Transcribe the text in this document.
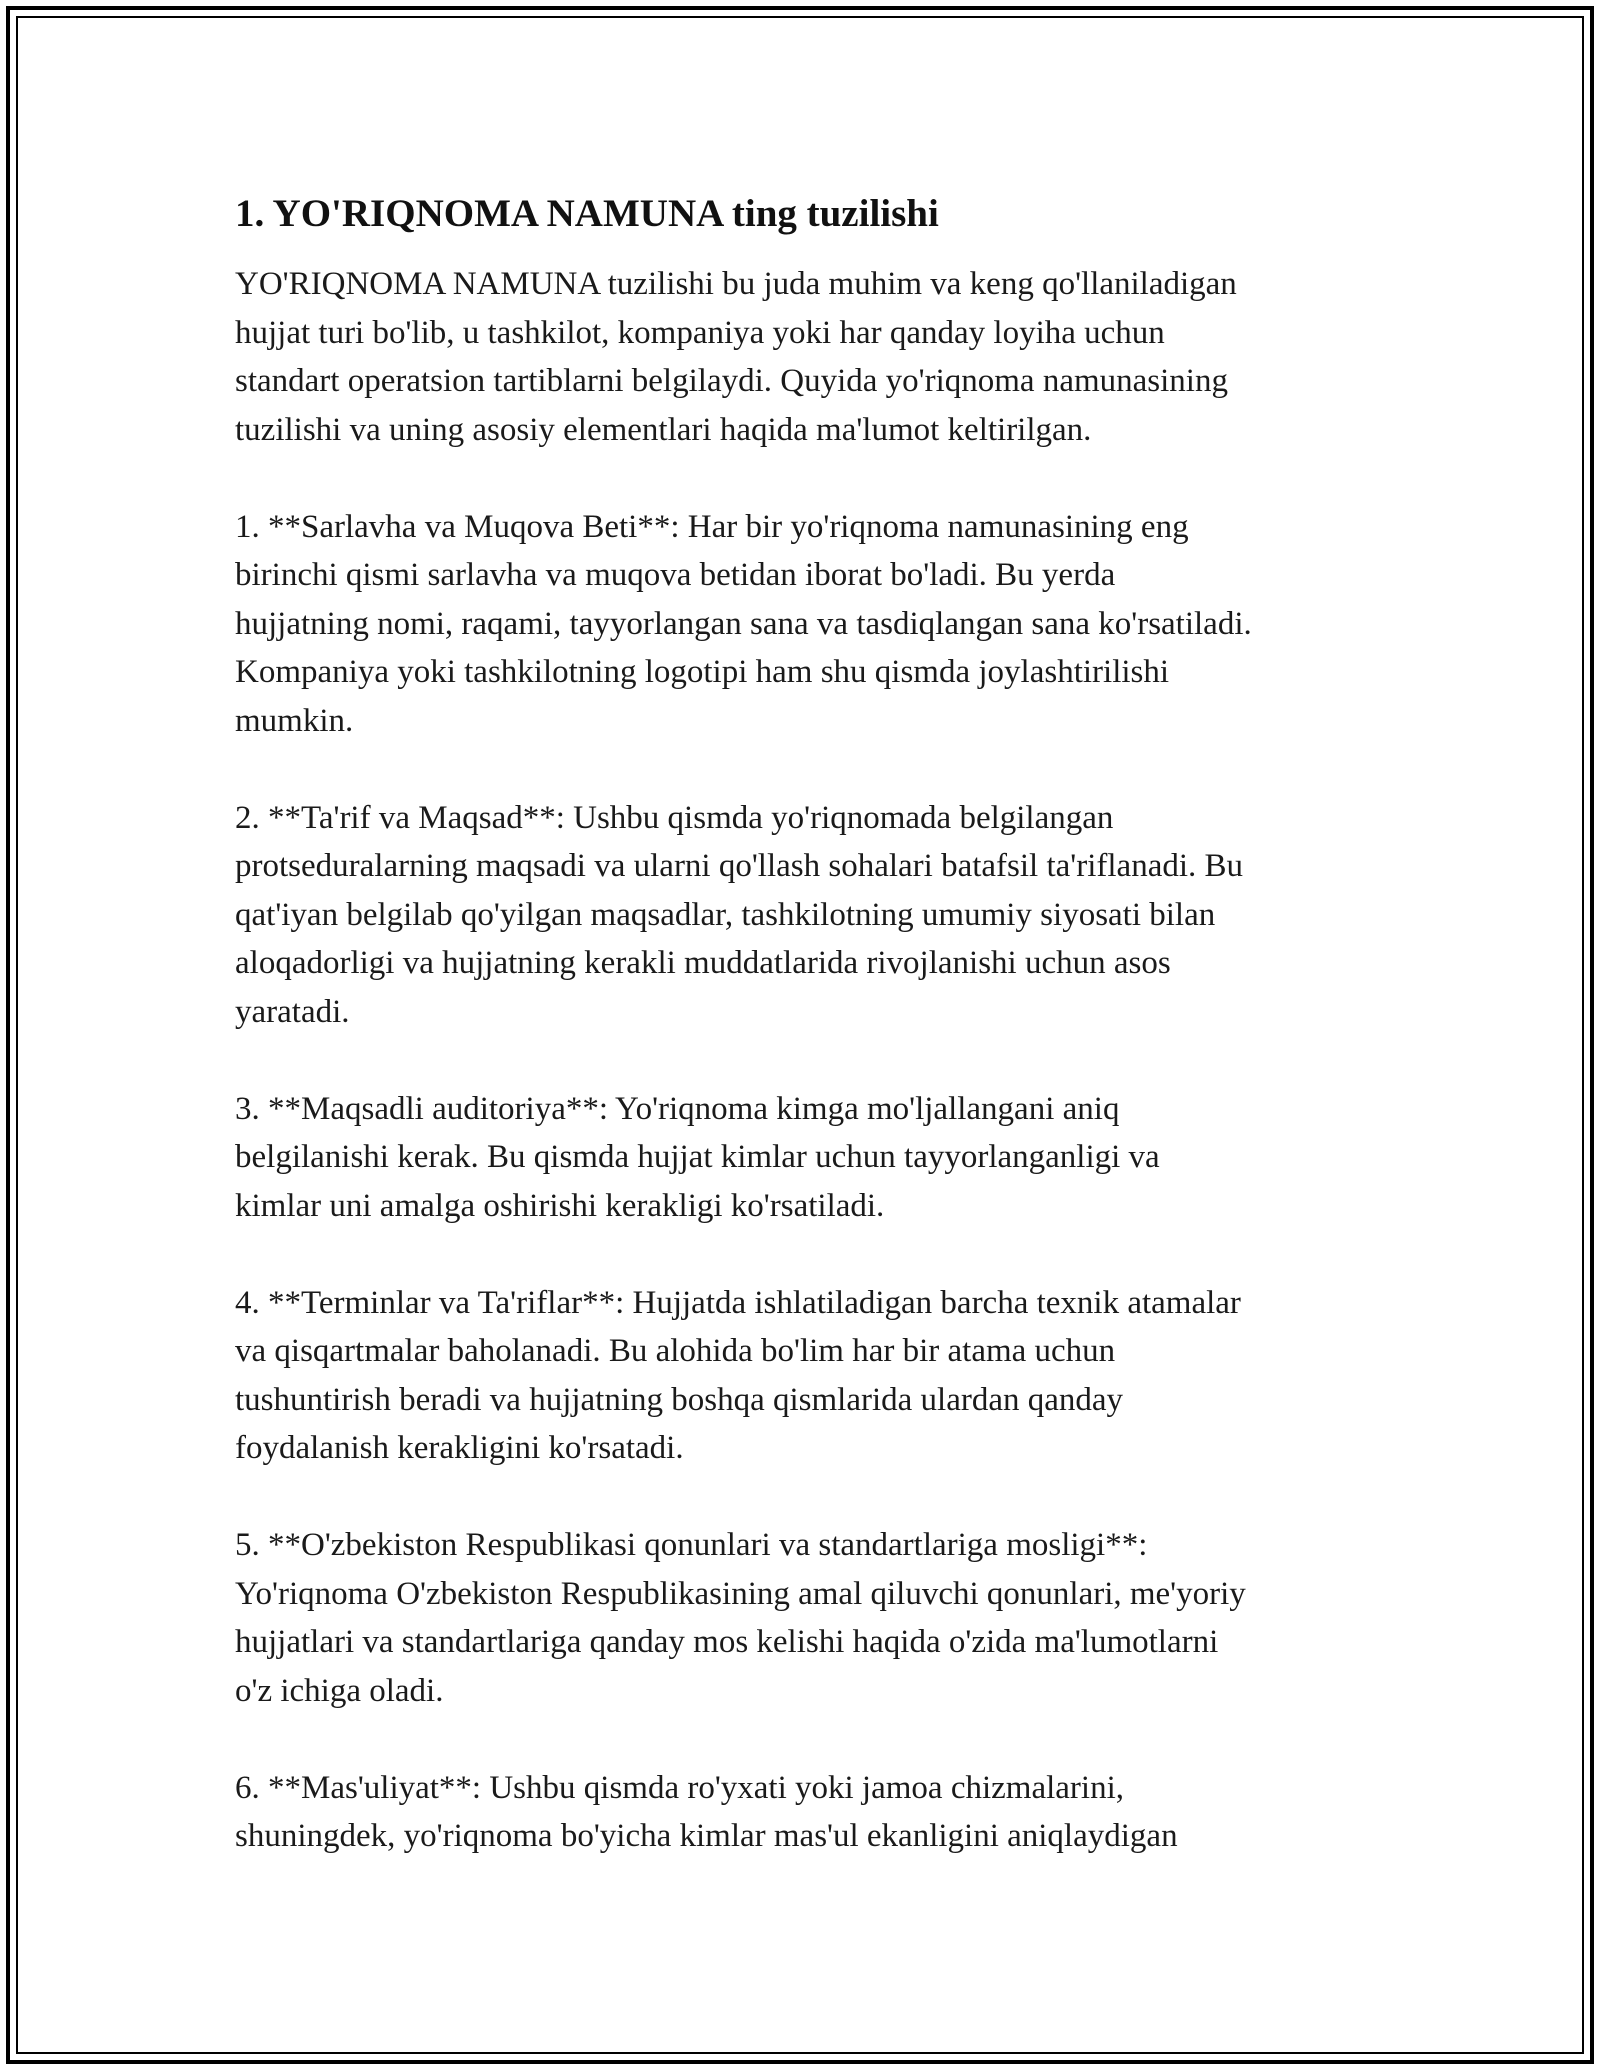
1. YO'RIQNOMA NAMUNA ting tuzilishi

YO'RIQNOMA NAMUNA tuzilishi bu juda muhim va keng qo'llaniladigan
hujjat turi bo'lib, u tashkilot, kompaniya yoki har qanday loyiha uchun
standart operatsion tartiblarni belgilaydi. Quyida yo'riqnoma namunasining
tuzilishi va uning asosiy elementlari haqida ma'lumot keltirilgan.

1. **Sarlavha va Muqova Beti**: Har bir yo'riqnoma namunasining eng
birinchi qismi sarlavha va muqova betidan iborat bo'ladi. Bu yerda
hujjatning nomi, raqami, tayyorlangan sana va tasdiqlangan sana ko'rsatiladi.
Kompaniya yoki tashkilotning logotipi ham shu qismda joylashtirilishi
mumkin.

2. **Ta'rif va Maqsad**: Ushbu qismda yo'riqnomada belgilangan
protseduralarning maqsadi va ularni qo'llash sohalari batafsil ta'riflanadi. Bu
qat'iyan belgilab qo'yilgan maqsadlar, tashkilotning umumiy siyosati bilan
aloqadorligi va hujjatning kerakli muddatlarida rivojlanishi uchun asos
yaratadi.

3. **Maqsadli auditoriya**: Yo'riqnoma kimga mo'ljallangani aniq
belgilanishi kerak. Bu qismda hujjat kimlar uchun tayyorlanganligi va
kimlar uni amalga oshirishi kerakligi ko'rsatiladi.

4. **Terminlar va Ta'riflar**: Hujjatda ishlatiladigan barcha texnik atamalar
va qisqartmalar baholanadi. Bu alohida bo'lim har bir atama uchun
tushuntirish beradi va hujjatning boshqa qismlarida ulardan qanday
foydalanish kerakligini ko'rsatadi.

5. **O'zbekiston Respublikasi qonunlari va standartlariga mosligi**:
Yo'riqnoma O'zbekiston Respublikasining amal qiluvchi qonunlari, me'yoriy
hujjatlari va standartlariga qanday mos kelishi haqida o'zida ma'lumotlarni
o'z ichiga oladi.

6. **Mas'uliyat**: Ushbu qismda ro'yxati yoki jamoa chizmalarini,
shuningdek, yo'riqnoma bo'yicha kimlar mas'ul ekanligini aniqlaydigan
